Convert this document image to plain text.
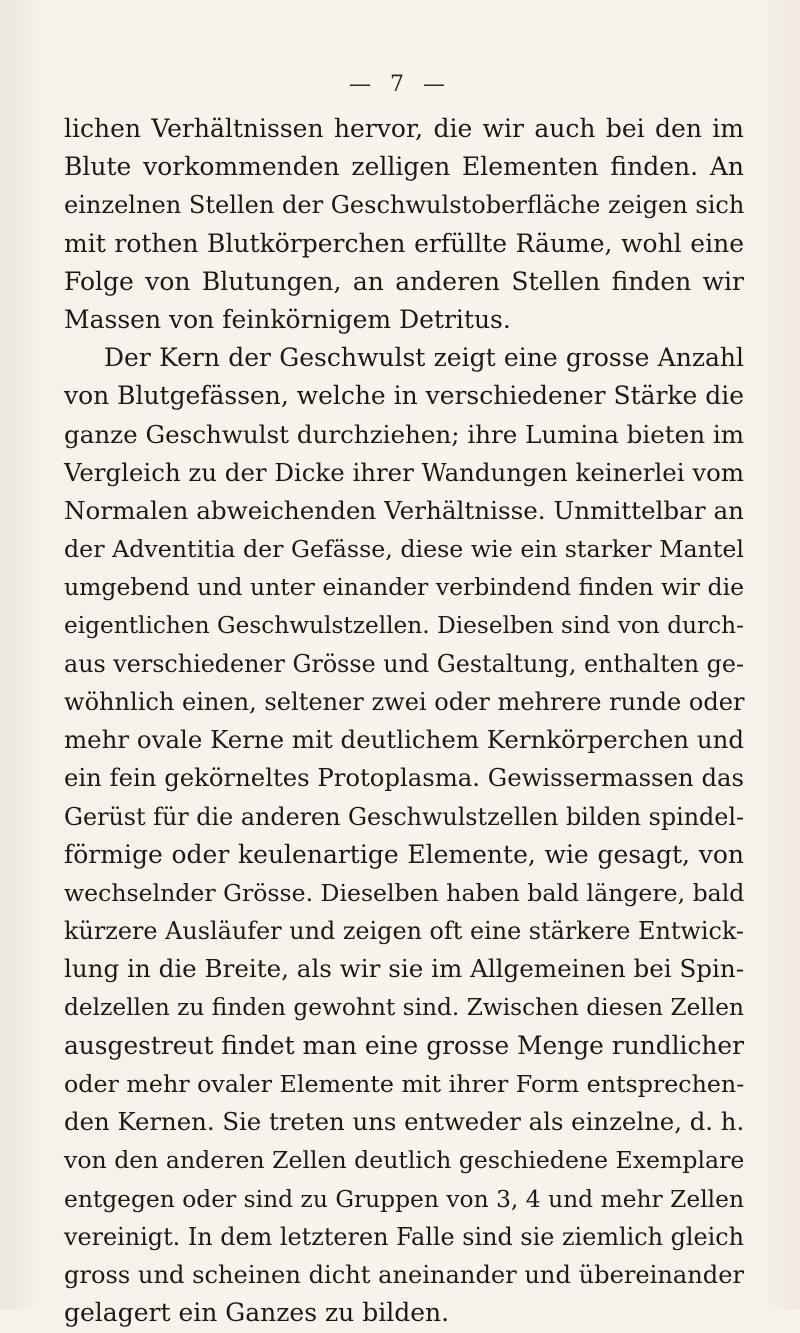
— 7 —
lichen Verhältnissen hervor, die wir auch bei den im
Blute vorkommenden zelligen Elementen finden. An
einzelnen Stellen der Geschwulstoberfläche zeigen sich
mit rothen Blutkörperchen erfüllte Räume, wohl eine
Folge von Blutungen, an anderen Stellen finden wir
Massen von feinkörnigem Detritus.
Der Kern der Geschwulst zeigt eine grosse Anzahl
von Blutgefässen, welche in verschiedener Stärke die
ganze Geschwulst durchziehen; ihre Lumina bieten im
Vergleich zu der Dicke ihrer Wandungen keinerlei vom
Normalen abweichenden Verhältnisse. Unmittelbar an
der Adventitia der Gefässe, diese wie ein starker Mantel
umgebend und unter einander verbindend finden wir die
eigentlichen Geschwulstzellen. Dieselben sind von durch-
aus verschiedener Grösse und Gestaltung, enthalten ge-
wöhnlich einen, seltener zwei oder mehrere runde oder
mehr ovale Kerne mit deutlichem Kernkörperchen und
ein fein gekörneltes Protoplasma. Gewissermassen das
Gerüst für die anderen Geschwulstzellen bilden spindel-
förmige oder keulenartige Elemente, wie gesagt, von
wechselnder Grösse. Dieselben haben bald längere, bald
kürzere Ausläufer und zeigen oft eine stärkere Entwick-
lung in die Breite, als wir sie im Allgemeinen bei Spin-
delzellen zu finden gewohnt sind. Zwischen diesen Zellen
ausgestreut findet man eine grosse Menge rundlicher
oder mehr ovaler Elemente mit ihrer Form entsprechen-
den Kernen. Sie treten uns entweder als einzelne, d. h.
von den anderen Zellen deutlich geschiedene Exemplare
entgegen oder sind zu Gruppen von 3, 4 und mehr Zellen
vereinigt. In dem letzteren Falle sind sie ziemlich gleich
gross und scheinen dicht aneinander und übereinander
gelagert ein Ganzes zu bilden.
